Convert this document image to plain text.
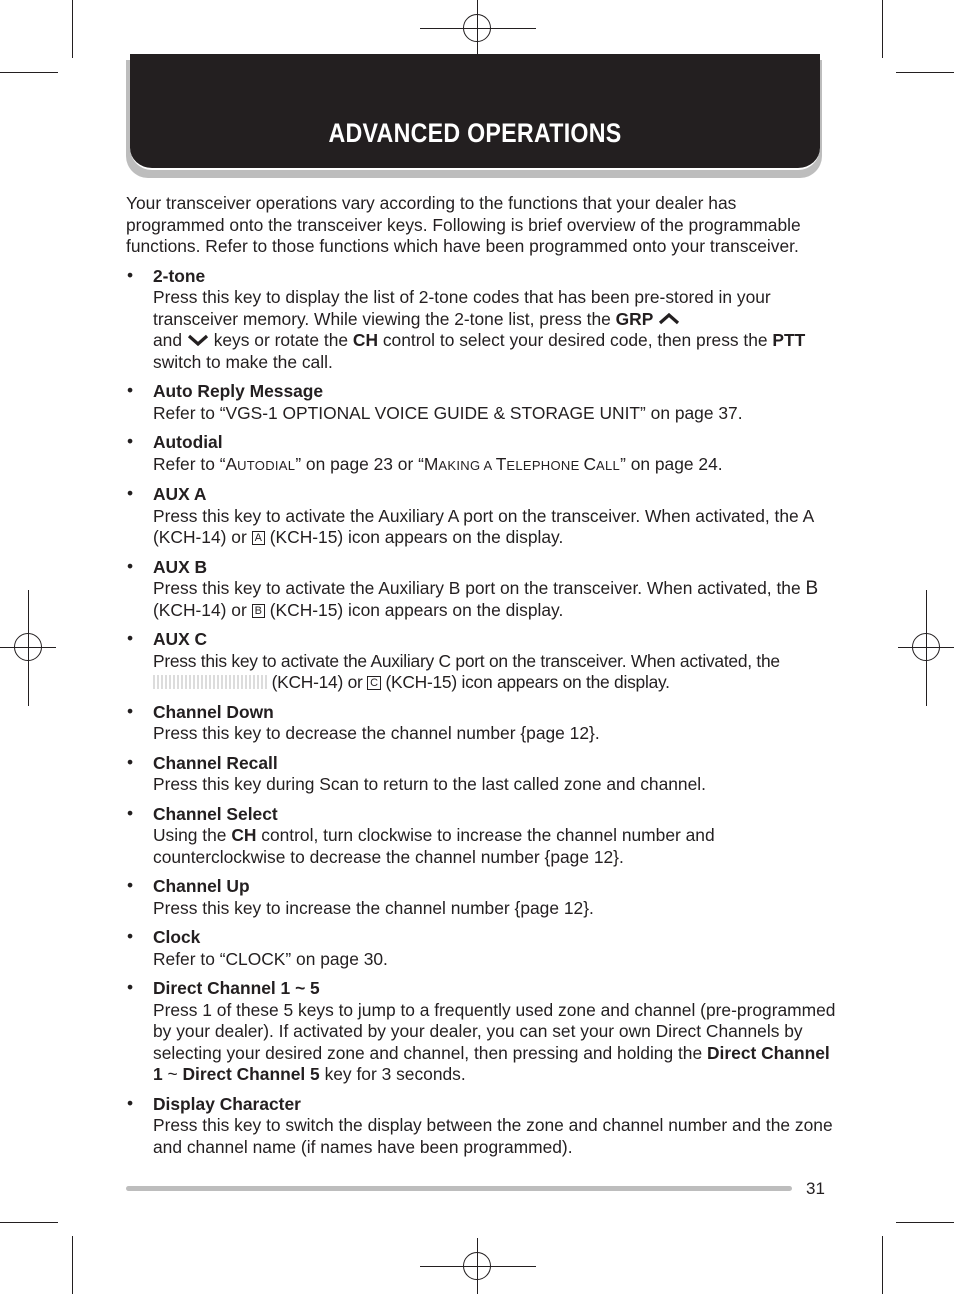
ADVANCED OPERATIONS

Your transceiver operations vary according to the functions that your dealer has programmed onto the transceiver keys. Following is brief overview of the programmable functions. Refer to those functions which have been programmed onto your transceiver.

• 2-tone
Press this key to display the list of 2-tone codes that has been pre-stored in your transceiver memory. While viewing the 2-tone list, press the GRP
and  keys or rotate the CH control to select your desired code, then press the PTT switch to make the call.
• Auto Reply Message
Refer to “VGS-1 OPTIONAL VOICE GUIDE & STORAGE UNIT” on page 37.
• Autodial
Refer to “AUTODIAL” on page 23 or “MAKING A TELEPHONE CALL” on page 24.
• AUX A
Press this key to activate the Auxiliary A port on the transceiver. When activated, the A (KCH-14) or A (KCH-15) icon appears on the display.
• AUX B
Press this key to activate the Auxiliary B port on the transceiver. When activated, the B (KCH-14) or B (KCH-15) icon appears on the display.
• AUX C
Press this key to activate the Auxiliary C port on the transceiver. When activated, the  (KCH-14) or C (KCH-15) icon appears on the display.
• Channel Down
Press this key to decrease the channel number {page 12}.
• Channel Recall
Press this key during Scan to return to the last called zone and channel.
• Channel Select
Using the CH control, turn clockwise to increase the channel number and counterclockwise to decrease the channel number {page 12}.
• Channel Up
Press this key to increase the channel number {page 12}.
• Clock
Refer to “CLOCK” on page 30.
• Direct Channel 1 ~ 5
Press 1 of these 5 keys to jump to a frequently used zone and channel (pre-programmed by your dealer). If activated by your dealer, you can set your own Direct Channels by selecting your desired zone and channel, then pressing and holding the Direct Channel 1 ~ Direct Channel 5 key for 3 seconds.
• Display Character
Press this key to switch the display between the zone and channel number and the zone and channel name (if names have been programmed).
31
